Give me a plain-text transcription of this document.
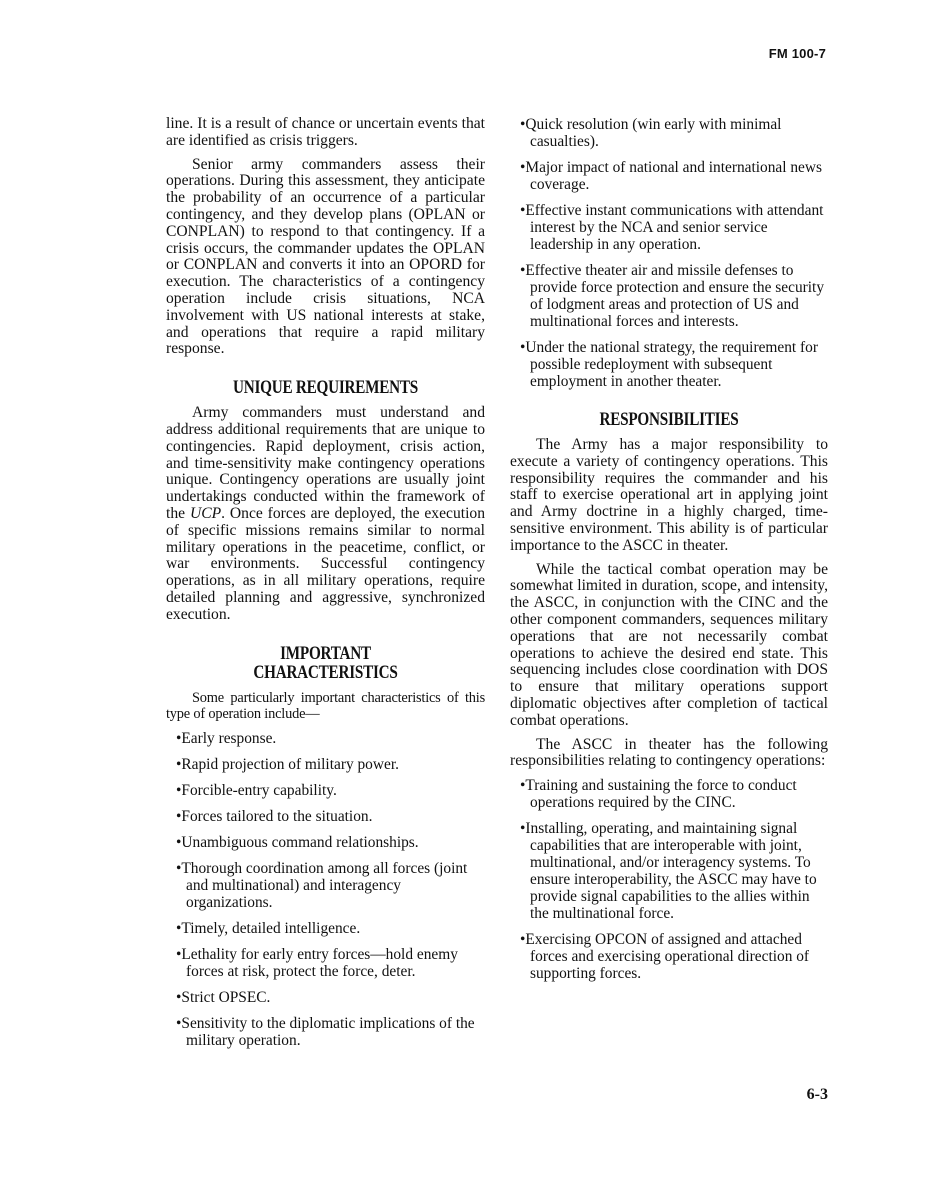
FM 100-7

line. It is a result of chance or uncertain events that are identified as crisis triggers.

Senior army commanders assess their operations. During this assessment, they anticipate the probability of an occurrence of a particular contingency, and they develop plans (OPLAN or CONPLAN) to respond to that contingency. If a crisis occurs, the commander updates the OPLAN or CONPLAN and converts it into an OPORD for execution. The characteristics of a contingency operation include crisis situations, NCA involvement with US national interests at stake, and operations that require a rapid military response.

UNIQUE REQUIREMENTS

Army commanders must understand and address additional requirements that are unique to contingencies. Rapid deployment, crisis action, and time-sensitivity make contingency operations unique. Contingency operations are usually joint undertakings conducted within the framework of the UCP. Once forces are deployed, the execution of specific missions remains similar to normal military operations in the peacetime, conflict, or war environments. Successful contingency operations, as in all military operations, require detailed planning and aggressive, synchronized execution.

IMPORTANT
CHARACTERISTICS

Some particularly important characteristics of this type of operation include—

•Early response.
•Rapid projection of military power.
•Forcible-entry capability.
•Forces tailored to the situation.
•Unambiguous command relationships.
•Thorough coordination among all forces (joint and multinational) and interagency organizations.
•Timely, detailed intelligence.
•Lethality for early entry forces—hold enemy forces at risk, protect the force, deter.
•Strict OPSEC.
•Sensitivity to the diplomatic implications of the military operation.
•Quick resolution (win early with minimal casualties).
•Major impact of national and international news coverage.
•Effective instant communications with attendant interest by the NCA and senior service leadership in any operation.
•Effective theater air and missile defenses to provide force protection and ensure the security of lodgment areas and protection of US and multinational forces and interests.
•Under the national strategy, the requirement for possible redeployment with subsequent employment in another theater.
RESPONSIBILITIES

The Army has a major responsibility to execute a variety of contingency operations. This responsibility requires the commander and his staff to exercise operational art in applying joint and Army doctrine in a highly charged, time-sensitive environment. This ability is of particular importance to the ASCC in theater.

While the tactical combat operation may be somewhat limited in duration, scope, and intensity, the ASCC, in conjunction with the CINC and the other component commanders, sequences military operations that are not necessarily combat operations to achieve the desired end state. This sequencing includes close coordination with DOS to ensure that military operations support diplomatic objectives after completion of tactical combat operations.

The ASCC in theater has the following responsibilities relating to contingency operations:

•Training and sustaining the force to conduct operations required by the CINC.
•Installing, operating, and maintaining signal capabilities that are interoperable with joint, multinational, and/or interagency systems. To ensure interoperability, the ASCC may have to provide signal capabilities to the allies within the multinational force.
•Exercising OPCON of assigned and attached forces and exercising operational direction of supporting forces.
6-3
